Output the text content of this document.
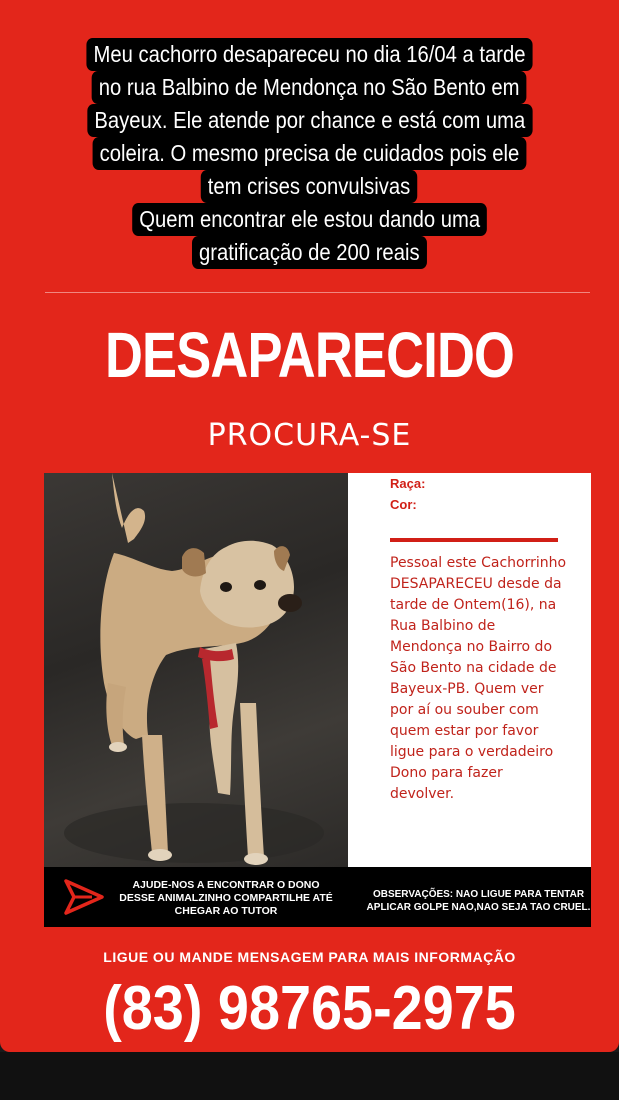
Meu cachorro desapareceu no dia 16/04 a tarde
no rua Balbino de Mendonça no São Bento em
Bayeux. Ele atende por chance e está com uma
coleira. O mesmo precisa de cuidados pois ele
tem crises convulsivas
Quem encontrar ele estou dando uma
gratificação de 200 reais
DESAPARECIDO
PROCURA-SE
Raça:
Cor:
Pessoal este Cachorrinho DESAPARECEU desde da tarde de Ontem(16), na Rua Balbino de Mendonça no Bairro do São Bento na cidade de Bayeux-PB. Quem ver por aí ou souber com quem estar por favor ligue para o verdadeiro Dono para fazer devolver.
AJUDE-NOS A ENCONTRAR O DONO DESSE ANIMALZINHO COMPARTILHE ATÉ CHEGAR AO TUTOR
OBSERVAÇÕES: NAO LIGUE PARA TENTAR APLICAR GOLPE NAO,NAO SEJA TAO CRUEL.
LIGUE OU MANDE MENSAGEM PARA MAIS INFORMAÇÃO
(83) 98765-2975
